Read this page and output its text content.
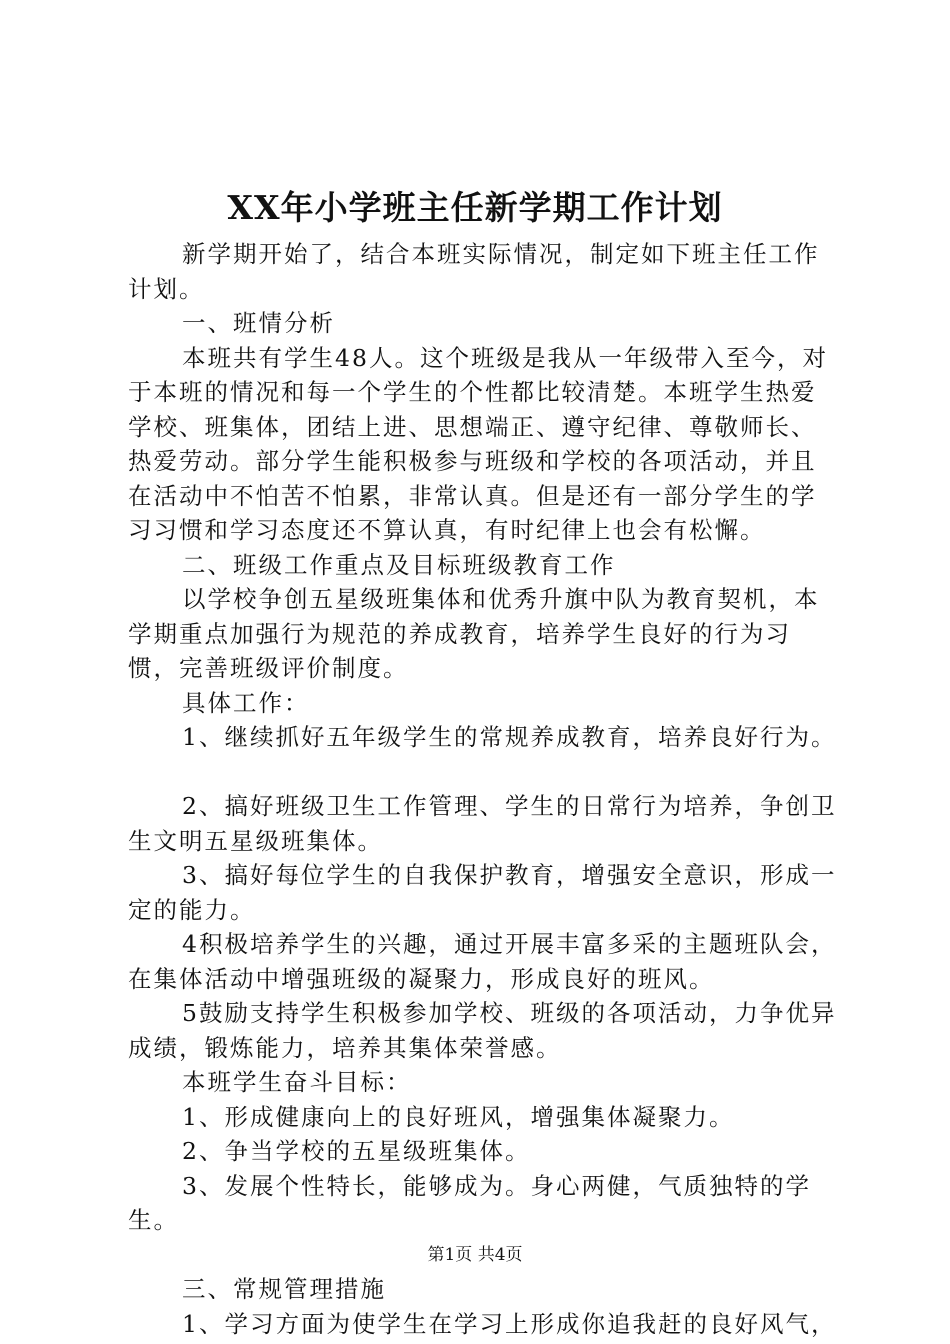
XX年小学班主任新学期工作计划

新学期开始了，结合本班实际情况，制定如下班主任工作计划。

一、班情分析

本班共有学生48人。这个班级是我从一年级带入至今，对于本班的情况和每一个学生的个性都比较清楚。本班学生热爱学校、班集体，团结上进、思想端正、遵守纪律、尊敬师长、热爱劳动。部分学生能积极参与班级和学校的各项活动，并且在活动中不怕苦不怕累，非常认真。但是还有一部分学生的学习习惯和学习态度还不算认真，有时纪律上也会有松懈。

二、班级工作重点及目标班级教育工作

以学校争创五星级班集体和优秀升旗中队为教育契机，本学期重点加强行为规范的养成教育，培养学生良好的行为习惯，完善班级评价制度。

具体工作：

1、继续抓好五年级学生的常规养成教育，培养良好行为。

2、搞好班级卫生工作管理、学生的日常行为培养，争创卫生文明五星级班集体。

3、搞好每位学生的自我保护教育，增强安全意识，形成一定的能力。

4积极培养学生的兴趣，通过开展丰富多采的主题班队会，在集体活动中增强班级的凝聚力，形成良好的班风。

5鼓励支持学生积极参加学校、班级的各项活动，力争优异成绩，锻炼能力，培养其集体荣誉感。

本班学生奋斗目标：

1、形成健康向上的良好班风，增强集体凝聚力。

2、争当学校的五星级班集体。

3、发展个性特长，能够成为。身心两健，气质独特的学生。

三、常规管理措施

1、学习方面为使学生在学习上形成你追我赶的良好风气，

第1页 共4页
